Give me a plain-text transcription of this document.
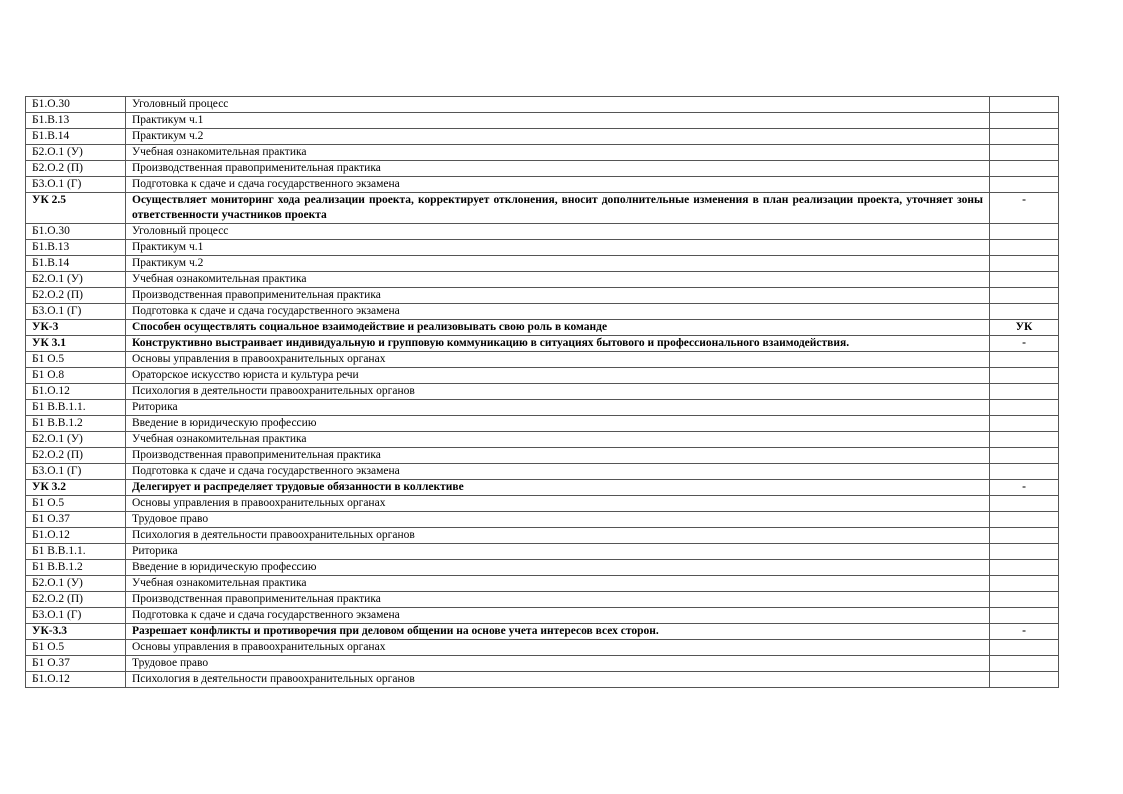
Б1.О.30	Уголовный процесс	
Б1.В.13	Практикум ч.1	
Б1.В.14	Практикум ч.2	
Б2.О.1 (У)	Учебная ознакомительная практика	
Б2.О.2 (П)	Производственная правоприменительная практика	
Б3.О.1 (Г)	Подготовка к сдаче и сдача государственного экзамена	
УК 2.5	Осуществляет мониторинг хода реализации проекта, корректирует отклонения, вносит дополнительные изменения в план реализации проекта, уточняет зоны ответственности участников проекта	-
Б1.О.30	Уголовный процесс	
Б1.В.13	Практикум ч.1	
Б1.В.14	Практикум ч.2	
Б2.О.1 (У)	Учебная ознакомительная практика	
Б2.О.2 (П)	Производственная правоприменительная практика	
Б3.О.1 (Г)	Подготовка к сдаче и сдача государственного экзамена	
УК-3	Способен осуществлять социальное взаимодействие и реализовывать свою роль в команде	УК
УК 3.1	Конструктивно выстраивает индивидуальную и групповую коммуникацию в ситуациях бытового и профессионального взаимодействия.	-
Б1 О.5	Основы управления в правоохранительных органах	
Б1 О.8	Ораторское искусство юриста и культура речи	
Б1.О.12	Психология в деятельности правоохранительных органов	
Б1 В.В.1.1.	Риторика	
Б1 В.В.1.2	Введение в юридическую профессию	
Б2.О.1 (У)	Учебная ознакомительная практика	
Б2.О.2 (П)	Производственная правоприменительная практика	
Б3.О.1 (Г)	Подготовка к сдаче и сдача государственного экзамена	
УК 3.2	Делегирует и распределяет трудовые обязанности в коллективе	-
Б1 О.5	Основы управления в правоохранительных органах	
Б1 О.37	Трудовое право	
Б1.О.12	Психология в деятельности правоохранительных органов	
Б1 В.В.1.1.	Риторика	
Б1 В.В.1.2	Введение в юридическую профессию	
Б2.О.1 (У)	Учебная ознакомительная практика	
Б2.О.2 (П)	Производственная правоприменительная практика	
Б3.О.1 (Г)	Подготовка к сдаче и сдача государственного экзамена	
УК-3.3	Разрешает конфликты и противоречия при деловом общении на основе учета интересов всех сторон.	-
Б1 О.5	Основы управления в правоохранительных органах	
Б1 О.37	Трудовое право	
Б1.О.12	Психология в деятельности правоохранительных органов	
